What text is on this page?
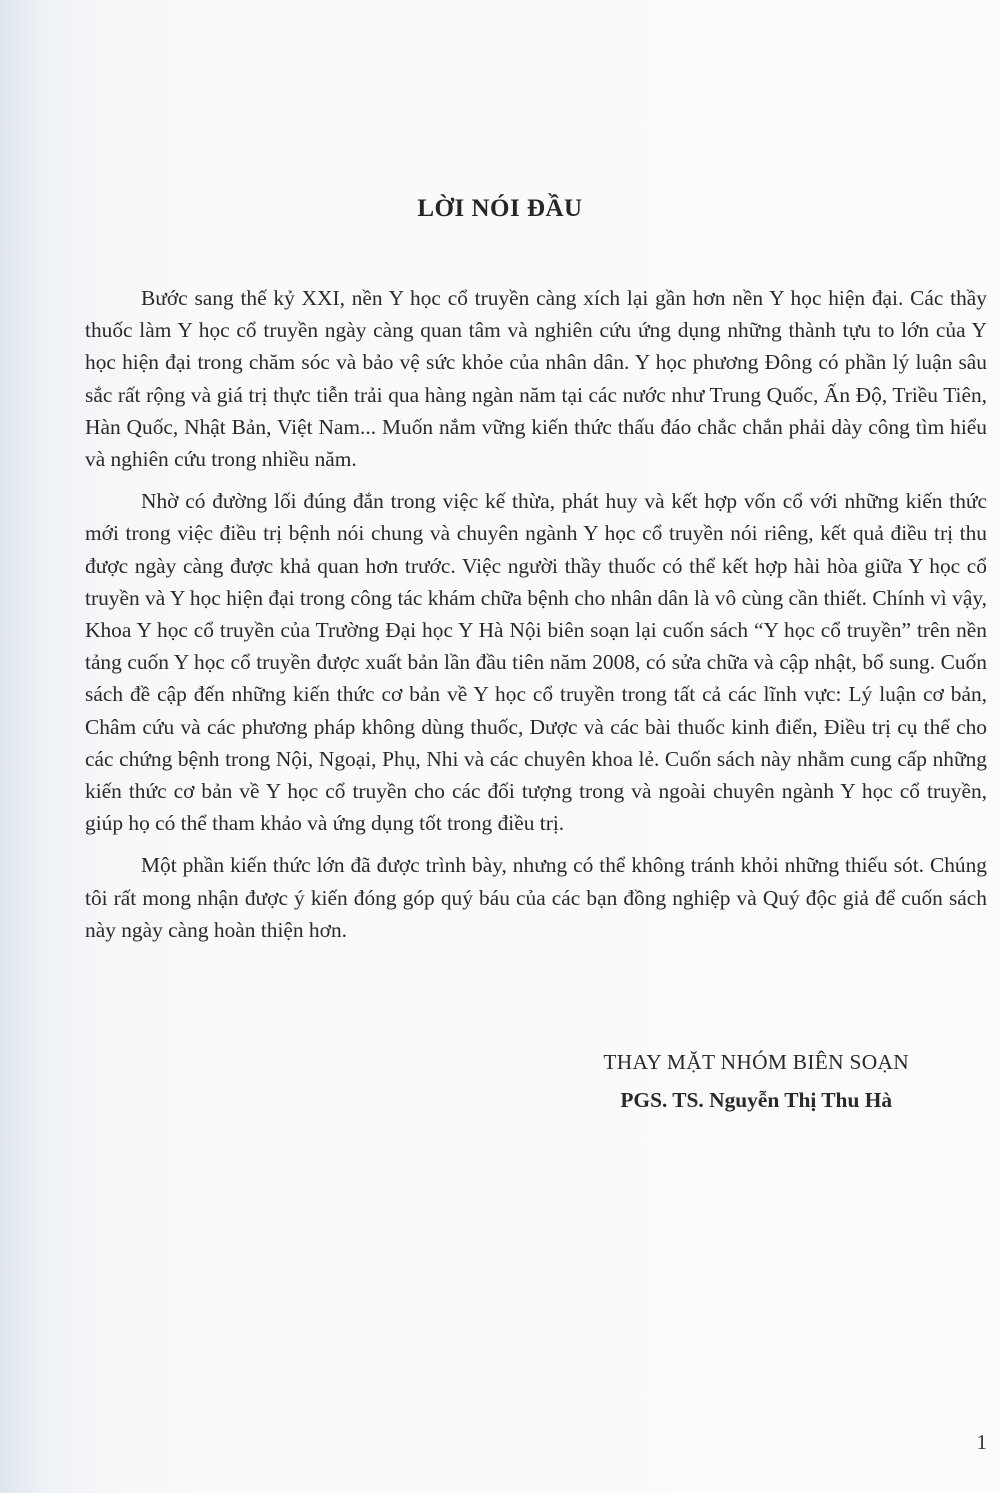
LỜI NÓI ĐẦU

Bước sang thế kỷ XXI, nền Y học cổ truyền càng xích lại gần hơn nền Y học hiện đại. Các thầy thuốc làm Y học cổ truyền ngày càng quan tâm và nghiên cứu ứng dụng những thành tựu to lớn của Y học hiện đại trong chăm sóc và bảo vệ sức khỏe của nhân dân. Y học phương Đông có phần lý luận sâu sắc rất rộng và giá trị thực tiễn trải qua hàng ngàn năm tại các nước như Trung Quốc, Ấn Độ, Triều Tiên, Hàn Quốc, Nhật Bản, Việt Nam... Muốn nắm vững kiến thức thấu đáo chắc chắn phải dày công tìm hiểu và nghiên cứu trong nhiều năm.

Nhờ có đường lối đúng đắn trong việc kế thừa, phát huy và kết hợp vốn cổ với những kiến thức mới trong việc điều trị bệnh nói chung và chuyên ngành Y học cổ truyền nói riêng, kết quả điều trị thu được ngày càng được khả quan hơn trước. Việc người thầy thuốc có thể kết hợp hài hòa giữa Y học cổ truyền và Y học hiện đại trong công tác khám chữa bệnh cho nhân dân là vô cùng cần thiết. Chính vì vậy, Khoa Y học cổ truyền của Trường Đại học Y Hà Nội biên soạn lại cuốn sách “Y học cổ truyền” trên nền tảng cuốn Y học cổ truyền được xuất bản lần đầu tiên năm 2008, có sửa chữa và cập nhật, bổ sung. Cuốn sách đề cập đến những kiến thức cơ bản về Y học cổ truyền trong tất cả các lĩnh vực: Lý luận cơ bản, Châm cứu và các phương pháp không dùng thuốc, Dược và các bài thuốc kinh điển, Điều trị cụ thể cho các chứng bệnh trong Nội, Ngoại, Phụ, Nhi và các chuyên khoa lẻ. Cuốn sách này nhằm cung cấp những kiến thức cơ bản về Y học cổ truyền cho các đối tượng trong và ngoài chuyên ngành Y học cổ truyền, giúp họ có thể tham khảo và ứng dụng tốt trong điều trị.

Một phần kiến thức lớn đã được trình bày, nhưng có thể không tránh khỏi những thiếu sót. Chúng tôi rất mong nhận được ý kiến đóng góp quý báu của các bạn đồng nghiệp và Quý độc giả để cuốn sách này ngày càng hoàn thiện hơn.

THAY MẶT NHÓM BIÊN SOẠN
PGS. TS. Nguyễn Thị Thu Hà
1
